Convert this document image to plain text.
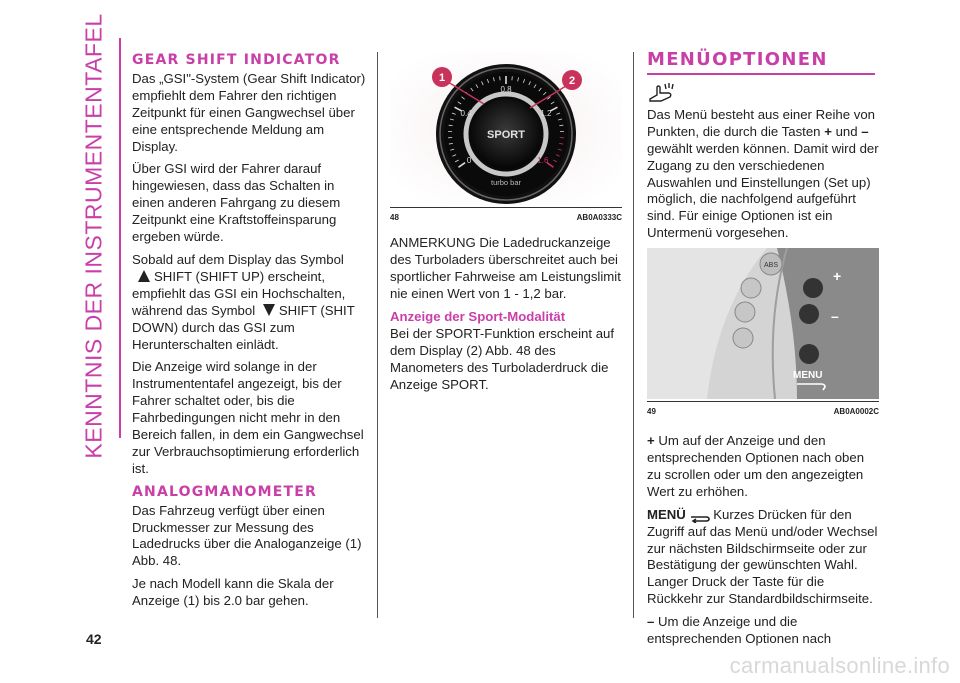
KENNTNIS DER INSTRUMENTENTAFEL
42
GEAR SHIFT INDICATOR

Das „GSI"-System (Gear Shift Indicator) empfiehlt dem Fahrer den richtigen Zeitpunkt für einen Gangwechsel über eine entsprechende Meldung am Display.

Über GSI wird der Fahrer darauf hingewiesen, dass das Schalten in einen anderen Fahrgang zu diesem Zeitpunkt eine Kraftstoffeinsparung ergeben würde.

Sobald auf dem Display das Symbol
SHIFT (SHIFT UP) erscheint, empfiehlt das GSI ein Hochschalten, während das Symbol SHIFT (SHIT DOWN) durch das GSI zum Herunterschalten einlädt.

Die Anzeige wird solange in der Instrumententafel angezeigt, bis der Fahrer schaltet oder, bis die Fahrbedingungen nicht mehr in den Bereich fallen, in dem ein Gangwechsel zur Verbrauchsoptimierung erforderlich ist.

ANALOGMANOMETER

Das Fahrzeug verfügt über einen Druckmesser zur Messung des Ladedrucks über die Analoganzeige (1) Abb. 48.

Je nach Modell kann die Skala der Anzeige (1) bis 2.0 bar gehen.

SPORT
turbo bar
0
0.4
0.8
1.2
1.6
1	2
48	AB0A0333C

ANMERKUNG Die Ladedruckanzeige des Turboladers überschreitet auch bei sportlicher Fahrweise am Leistungslimit nie einen Wert von 1 - 1,2 bar.

Anzeige der Sport-Modalität

Bei der SPORT-Funktion erscheint auf dem Display (2) Abb. 48 des Manometers des Turboladerdruck die Anzeige SPORT.

MENÜOPTIONEN

Das Menü besteht aus einer Reihe von Punkten, die durch die Tasten + und – gewählt werden können. Damit wird der Zugang zu den verschiedenen Auswahlen und Einstellungen (Set up) möglich, die nachfolgend aufgeführt sind. Für einige Optionen ist ein Untermenü vorgesehen.

ABS
+
–
MENU
49	AB0A0002C

+ Um auf der Anzeige und den entsprechenden Optionen nach oben zu scrollen oder um den angezeigten Wert zu erhöhen.

MENÜ Kurzes Drücken für den Zugriff auf das Menü und/oder Wechsel zur nächsten Bildschirmseite oder zur Bestätigung der gewünschten Wahl. Langer Druck der Taste für die Rückkehr zur Standardbildschirmseite.

– Um die Anzeige und die entsprechenden Optionen nach

carmanualsonline.info
